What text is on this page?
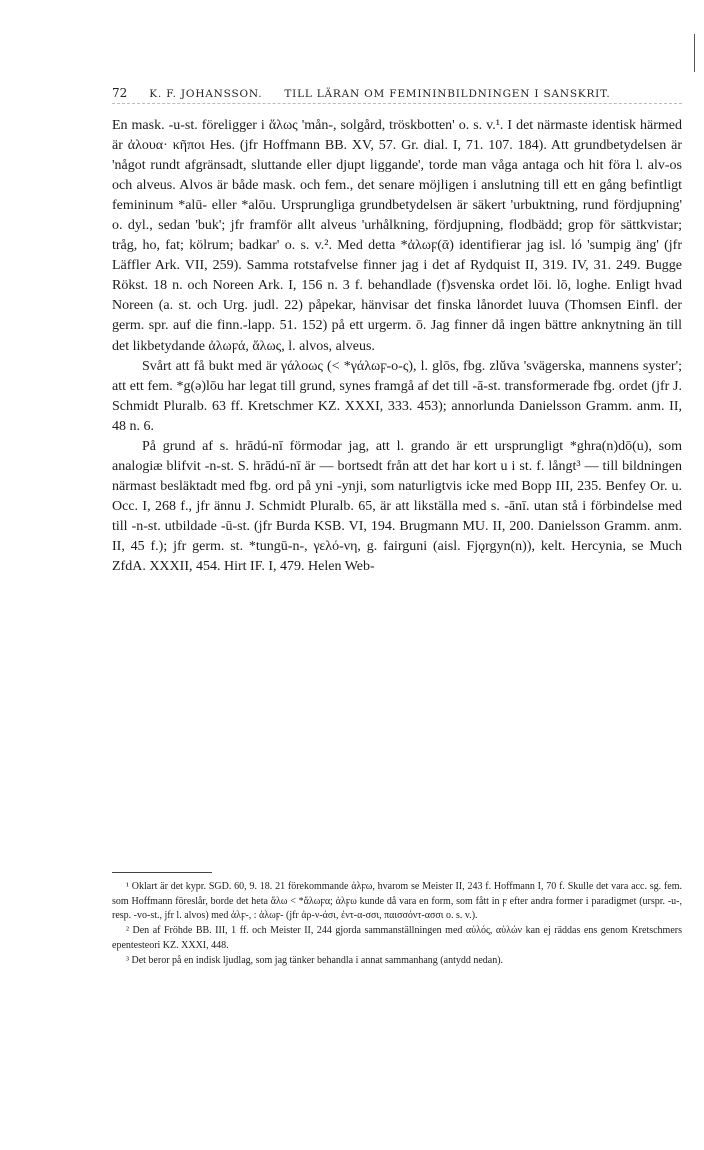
72 K. F. JOHANSSON. TILL LÄRAN OM FEMININBILDNINGEN I SANSKRIT.

En mask. -u-st. föreligger i ἅλως 'mån-, solgård, tröskbotten' o. s. v.¹. I det närmaste identisk härmed är ἀλουα· κῆποι Hes. (jfr Hoffmann BB. XV, 57. Gr. dial. I, 71. 107. 184). Att grundbetydelsen är 'något rundt afgränsadt, sluttande eller djupt liggande', torde man våga antaga och hit föra l. alv-os och alveus. Alvos är både mask. och fem., det senare möjligen i anslutning till ett en gång befintligt femininum *alū- eller *alōu. Ursprungliga grundbetydelsen är säkert 'urbuktning, rund fördjupning' o. dyl., sedan 'buk'; jfr framför allt alveus 'urhålkning, fördjupning, flodbädd; grop för sättkvistar; tråg, ho, fat; kölrum; badkar' o. s. v.². Med detta *ἀλωϝ(ᾱ) identifierar jag isl. ló 'sumpig äng' (jfr Läffler Ark. VII, 259). Samma rotstafvelse finner jag i det af Rydquist II, 319. IV, 31. 249. Bugge Rökst. 18 n. och Noreen Ark. I, 156 n. 3 f. behandlade (f)svenska ordet lōi. lō, loghe. Enligt hvad Noreen (a. st. och Urg. judl. 22) påpekar, hänvisar det finska lånordet luuva (Thomsen Einfl. der germ. spr. auf die finn.-lapp. 51. 152) på ett urgerm. ō. Jag finner då ingen bättre anknytning än till det likbetydande ἀλωϝά, ἅλως, l. alvos, alveus.

Svårt att få bukt med är γάλοως (< *γάλωϝ-o-ς), l. glōs, fbg. zlŭva 'svägerska, mannens syster'; att ett fem. *g(ə)lōu har legat till grund, synes framgå af det till -ā-st. transformerade fbg. ordet (jfr J. Schmidt Pluralb. 63 ff. Kretschmer KZ. XXXI, 333. 453); annorlunda Danielsson Gramm. anm. II, 48 n. 6.

På grund af s. hrādú-nī förmodar jag, att l. grando är ett ursprungligt *ghra(n)dō(u), som analogiæ blifvit -n-st. S. hrādú-nī är — bortsedt från att det har kort u i st. f. långt³ — till bildningen närmast besläktadt med fbg. ord på yni -ynji, som naturligtvis icke med Bopp III, 235. Benfey Or. u. Occ. I, 268 f., jfr ännu J. Schmidt Pluralb. 65, är att likställa med s. -ānī. utan stå i förbindelse med till -n-st. utbildade -ū-st. (jfr Burda KSB. VI, 194. Brugmann MU. II, 200. Danielsson Gramm. anm. II, 45 f.); jfr germ. st. *tungū-n-, γελό-νη, g. fairguni (aisl. Fjǫrgyn(n)), kelt. Hercynia, se Much ZfdA. XXXII, 454. Hirt IF. I, 479. Helen Web-

¹ Oklart är det kypr. SGD. 60, 9. 18. 21 förekommande ἀλϝω, hvarom se Meister II, 243 f. Hoffmann I, 70 f. Skulle det vara acc. sg. fem. som Hoffmann föreslår, borde det heta ἅλω < *ἅλωϝα; ἀλϝω kunde då vara en form, som fått in ϝ efter andra former i paradigmet (urspr. -u-, resp. -vo-st., jfr l. alvos) med ἀλϝ-, : ἀλωϝ- (jfr ἀρ-ν-άσι, ἐντ-α-σσι, παισσόντ-ασσι o. s. v.).

² Den af Fröhde BB. III, 1 ff. och Meister II, 244 gjorda sammanställningen med αὐλός, αὐλών kan ej räddas ens genom Kretschmers epentesteori KZ. XXXI, 448.

³ Det beror på en indisk ljudlag, som jag tänker behandla i annat sammanhang (antydd nedan).
